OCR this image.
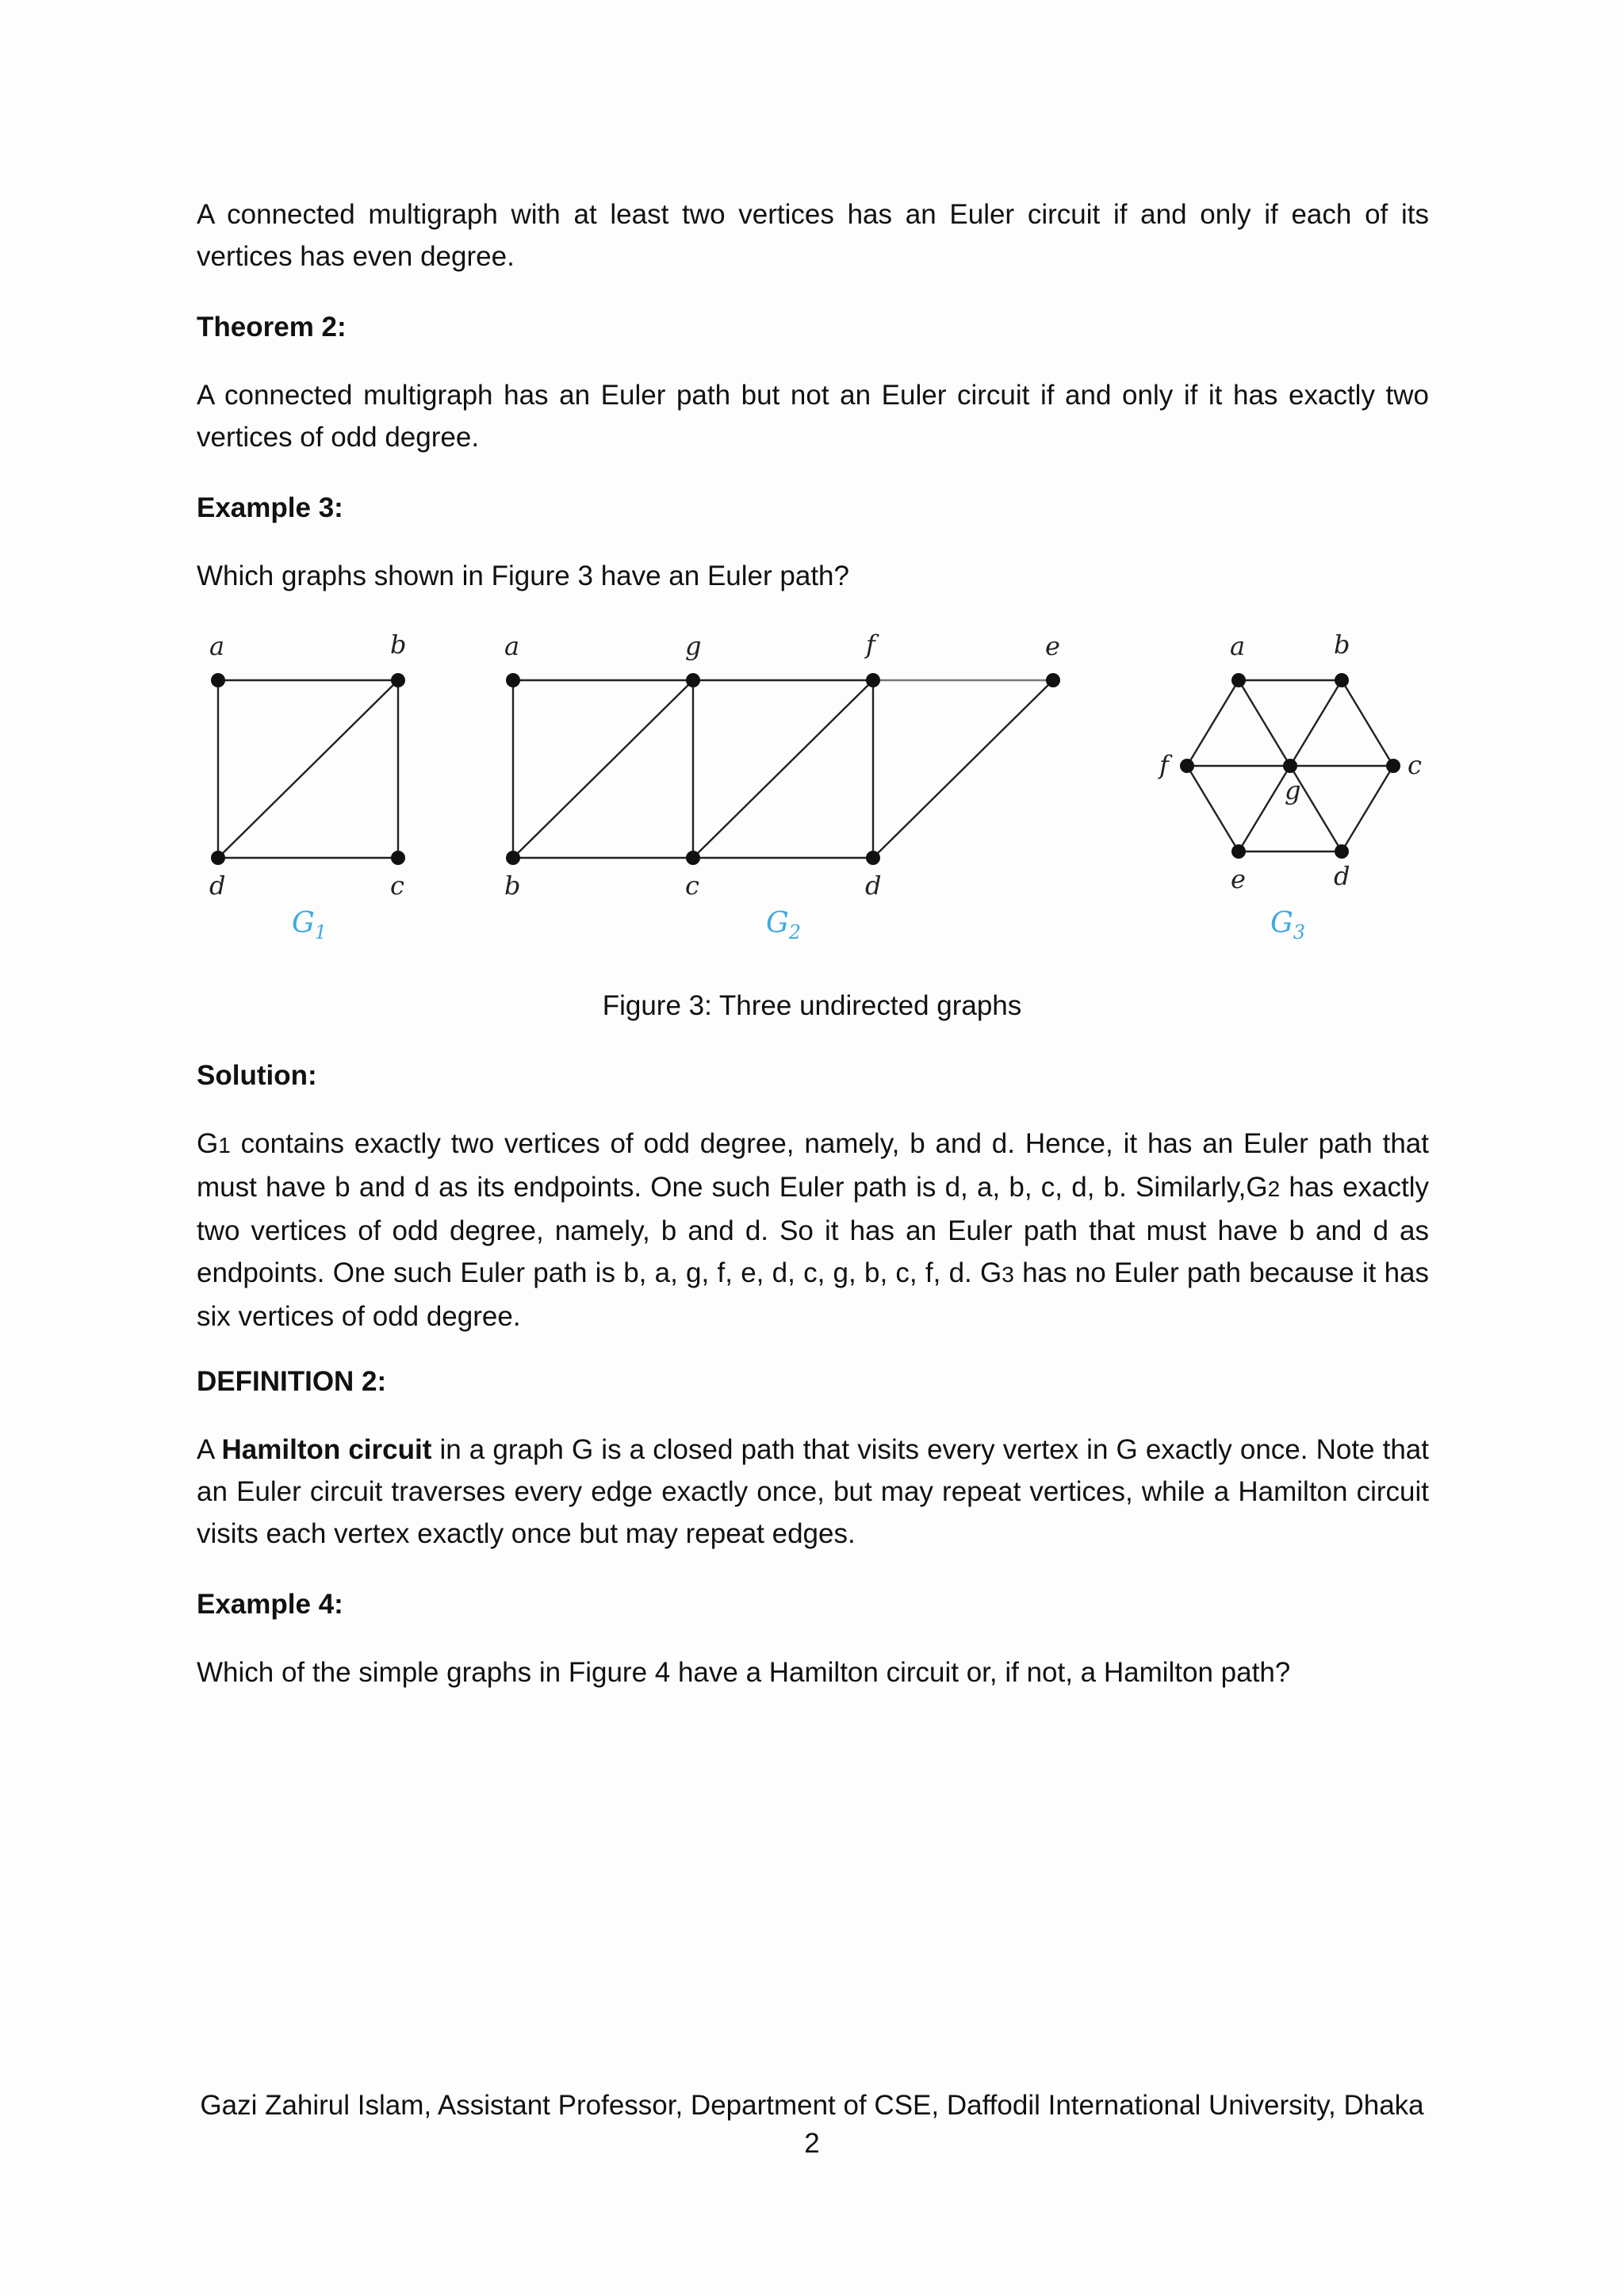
A connected multigraph with at least two vertices has an Euler circuit if and only if each of its vertices has even degree.

Theorem 2:

A connected multigraph has an Euler path but not an Euler circuit if and only if it has exactly two vertices of odd degree.

Example 3:

Which graphs shown in Figure 3 have an Euler path?

a	b
c
d
$G_1$
a	g	f	e
b	c	d
$G_2$
a	b
c
d
e
f
g
$G_3$
Figure 3: Three undirected graphs

Solution:

G1 contains exactly two vertices of odd degree, namely, b and d. Hence, it has an Euler path that must have b and d as its endpoints. One such Euler path is d, a, b, c, d, b. Similarly,G2 has exactly two vertices of odd degree, namely, b and d. So it has an Euler path that must have b and d as endpoints. One such Euler path is b, a, g, f, e, d, c, g, b, c, f, d. G3 has no Euler path because it has six vertices of odd degree.

DEFINITION 2:

A Hamilton circuit in a graph G is a closed path that visits every vertex in G exactly once. Note that an Euler circuit traverses every edge exactly once, but may repeat vertices, while a Hamilton circuit visits each vertex exactly once but may repeat edges.

Example 4:

Which of the simple graphs in Figure 4 have a Hamilton circuit or, if not, a Hamilton path?

Gazi Zahirul Islam, Assistant Professor, Department of CSE, Daffodil International University, Dhaka
2
